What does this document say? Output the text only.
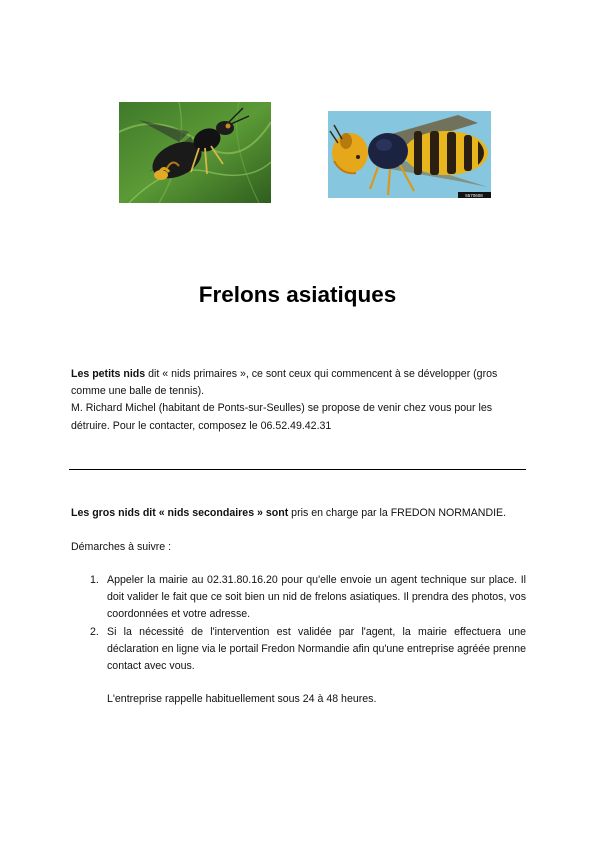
5570608
Frelons asiatiques
Les petits nids dit « nids primaires », ce sont ceux qui commencent à se développer (gros comme une balle de tennis).
M. Richard Michel (habitant de Ponts-sur-Seulles) se propose de venir chez vous pour les détruire. Pour le contacter, composez le 06.52.49.42.31
Les gros nids dit « nids secondaires » sont pris en charge par la FREDON NORMANDIE.
Démarches à suivre :
1. Appeler la mairie au 02.31.80.16.20 pour qu'elle envoie un agent technique sur place. Il doit valider le fait que ce soit bien un nid de frelons asiatiques. Il prendra des photos, vos coordonnées et votre adresse.
2. Si la nécessité de l'intervention est validée par l'agent, la mairie effectuera une déclaration en ligne via le portail Fredon Normandie afin qu'une entreprise agréée prenne contact avec vous.
L'entreprise rappelle habituellement sous 24 à 48 heures.
